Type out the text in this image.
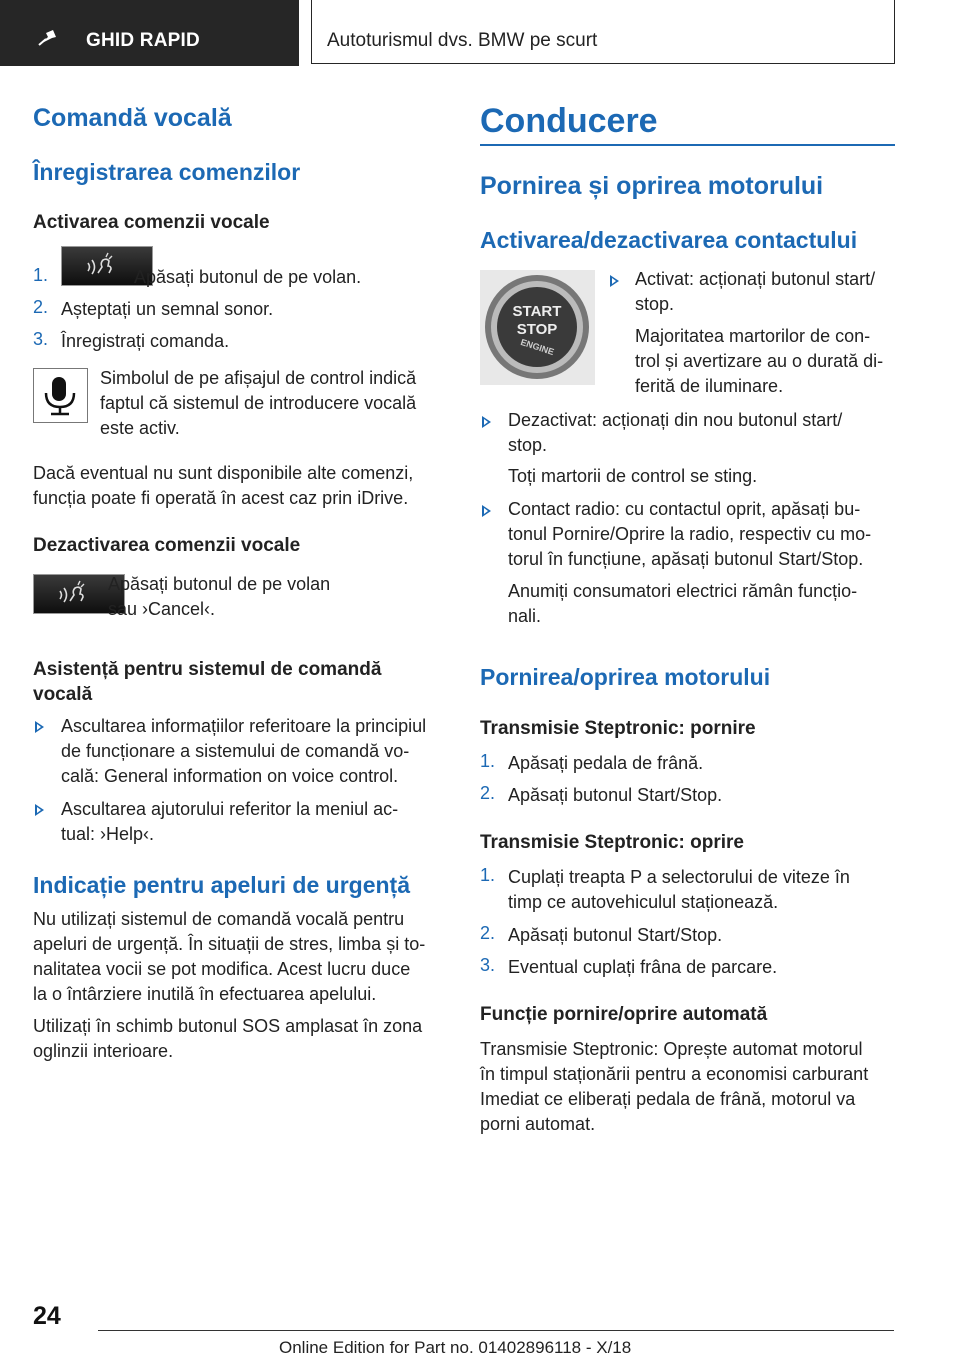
GHID RAPID	Autoturismul dvs. BMW pe scurt
Comandă vocală
Înregistrarea comenzilor
Activarea comenzii vocale
1.	Apăsați butonul de pe volan.
2. Așteptați un semnal sonor.
3. Înregistrați comanda.
Simbolul de pe afișajul de control indică
faptul că sistemul de introducere vocală
este activ.
Dacă eventual nu sunt disponibile alte comenzi,
funcția poate fi operată în acest caz prin iDrive.
Dezactivarea comenzii vocale
Apăsați butonul de pe volan
sau ›Cancel‹.
Asistență pentru sistemul de comandă
vocală
Ascultarea informațiilor referitoare la principiul
de funcționare a sistemului de comandă vo-
cală: General information on voice control.
Ascultarea ajutorului referitor la meniul ac-
tual: ›Help‹.
Indicație pentru apeluri de urgență
Nu utilizați sistemul de comandă vocală pentru
apeluri de urgență. În situații de stres, limba și to-
nalitatea vocii se pot modifica. Acest lucru duce
la o întârziere inutilă în efectuarea apelului.
Utilizați în schimb butonul SOS amplasat în zona
oglinzii interioare.
Conducere
Pornirea și oprirea motorului
Activarea/dezactivarea contactului
START
STOP
ENGINE
Activat: acționați butonul start/
stop.
Majoritatea martorilor de con-
trol și avertizare au o durată di-
ferită de iluminare.
Dezactivat: acționați din nou butonul start/
stop.
Toți martorii de control se sting.
Contact radio: cu contactul oprit, apăsați bu-
tonul Pornire/Oprire la radio, respectiv cu mo-
torul în funcțiune, apăsați butonul Start/Stop.
Anumiți consumatori electrici rămân funcțio-
nali.
Pornirea/oprirea motorului
Transmisie Steptronic: pornire
1. Apăsați pedala de frână.
2. Apăsați butonul Start/Stop.
Transmisie Steptronic: oprire
1. Cuplați treapta P a selectorului de viteze în
timp ce autovehiculul staționează.
2. Apăsați butonul Start/Stop.
3. Eventual cuplați frâna de parcare.
Funcție pornire/oprire automată
Transmisie Steptronic: Oprește automat motorul
în timpul staționării pentru a economisi carburant
Imediat ce eliberați pedala de frână, motorul va
porni automat.
24
Online Edition for Part no. 01402896118 - X/18
